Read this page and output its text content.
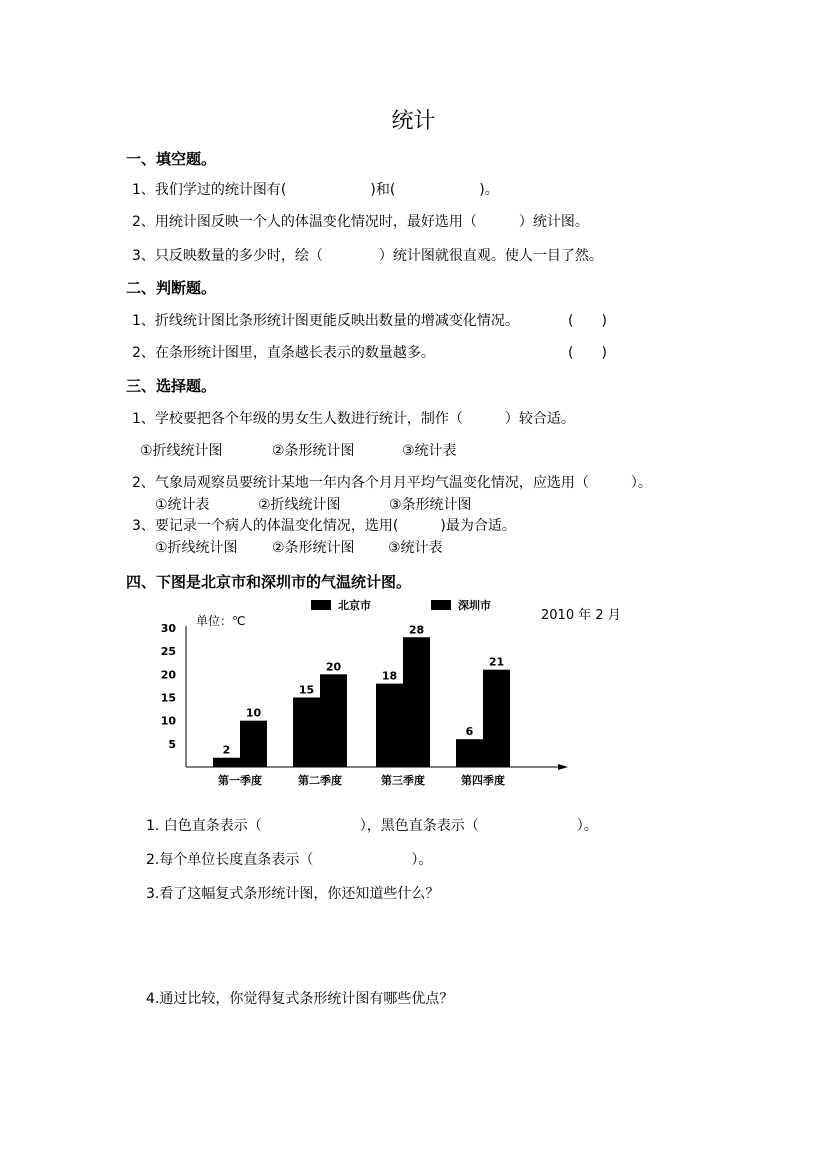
统计
一、填空题。
1、我们学过的统计图有(　　　　　　)和(　　　　　　)。
2、用统计图反映一个人的体温变化情况时，最好选用（　　　）统计图。
3、只反映数量的多少时，绘（　　　　）统计图就很直观。使人一目了然。
二、判断题。
1、折线统计图比条形统计图更能反映出数量的增减变化情况。	(　　)
2、在条形统计图里，直条越长表示的数量越多。	(　　)
三、选择题。
1、学校要把各个年级的男女生人数进行统计，制作（　　　）较合适。
①折线统计图	②条形统计图	③统计表
2、气象局观察员要统计某地一年内各个月月平均气温变化情况，应选用（　　　）。
①统计表	②折线统计图	③条形统计图
3、要记录一个病人的体温变化情况，选用(　　　)最为合适。
①折线统计图 ②条形统计图 ③统计表
四、下图是北京市和深圳市的气温统计图。
5
10
15
20
25
30
第一季度
2
10
第二季度
15
20
第三季度
18
28
第四季度
6
21
北京市	深圳市
单位：℃	2010 年 2 月
1. 白色直条表示（　　　　　　　），黑色直条表示（　　　　　　　）。
2.每个单位长度直条表示（　　　　　　　）。
3.看了这幅复式条形统计图，你还知道些什么？
4.通过比较，你觉得复式条形统计图有哪些优点？
